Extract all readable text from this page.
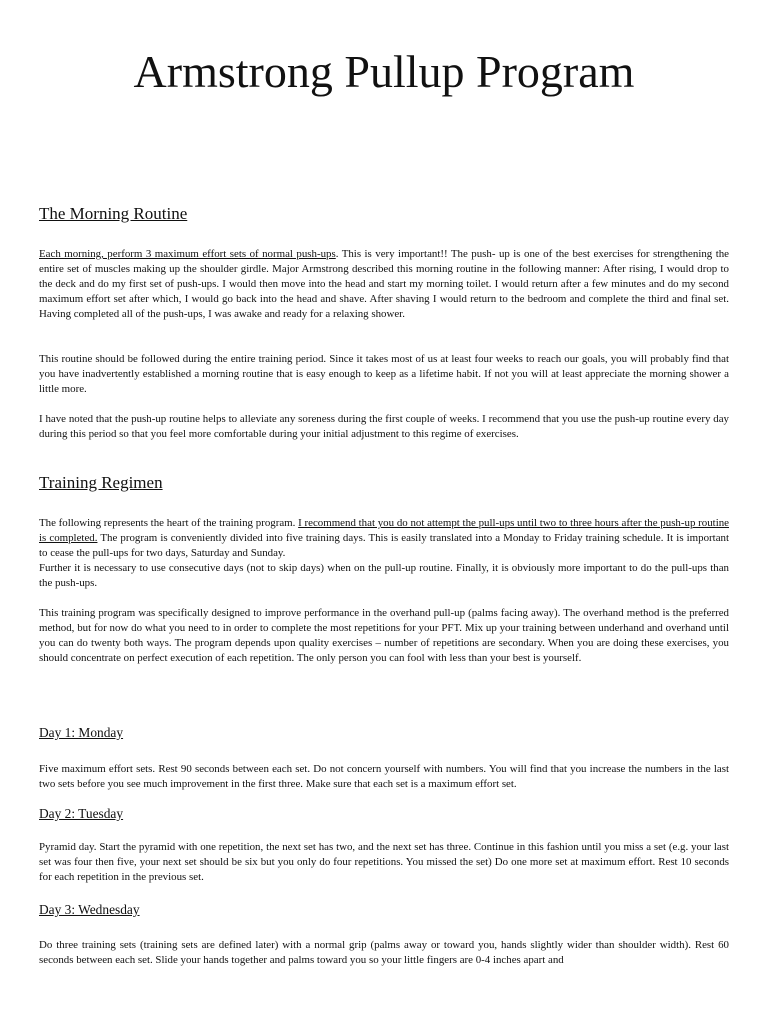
Armstrong Pullup Program
The Morning Routine

Each morning, perform 3 maximum effort sets of normal push-ups. This is very important!! The push- up is one of the best exercises for strengthening the entire set of muscles making up the shoulder girdle. Major Armstrong described this morning routine in the following manner: After rising, I would drop to the deck and do my first set of push-ups. I would then move into the head and start my morning toilet. I would return after a few minutes and do my second maximum effort set after which, I would go back into the head and shave. After shaving I would return to the bedroom and complete the third and final set. Having completed all of the push-ups, I was awake and ready for a relaxing shower.

This routine should be followed during the entire training period. Since it takes most of us at least four weeks to reach our goals, you will probably find that you have inadvertently established a morning routine that is easy enough to keep as a lifetime habit. If not you will at least appreciate the morning shower a little more.

I have noted that the push-up routine helps to alleviate any soreness during the first couple of weeks. I recommend that you use the push-up routine every day during this period so that you feel more comfortable during your initial adjustment to this regime of exercises.

Training Regimen

The following represents the heart of the training program. I recommend that you do not attempt the pull-ups until two to three hours after the push-up routine is completed. The program is conveniently divided into five training days. This is easily translated into a Monday to Friday training schedule. It is important to cease the pull-ups for two days, Saturday and Sunday.
Further it is necessary to use consecutive days (not to skip days) when on the pull-up routine. Finally, it is obviously more important to do the pull-ups than the push-ups.

This training program was specifically designed to improve performance in the overhand pull-up (palms facing away). The overhand method is the preferred method, but for now do what you need to in order to complete the most repetitions for your PFT. Mix up your training between underhand and overhand until you can do twenty both ways. The program depends upon quality exercises – number of repetitions are secondary. When you are doing these exercises, you should concentrate on perfect execution of each repetition. The only person you can fool with less than your best is yourself.

Day 1: Monday

Five maximum effort sets. Rest 90 seconds between each set. Do not concern yourself with numbers. You will find that you increase the numbers in the last two sets before you see much improvement in the first three. Make sure that each set is a maximum effort set.

Day 2: Tuesday

Pyramid day. Start the pyramid with one repetition, the next set has two, and the next set has three. Continue in this fashion until you miss a set (e.g. your last set was four then five, your next set should be six but you only do four repetitions. You missed the set) Do one more set at maximum effort. Rest 10 seconds for each repetition in the previous set.

Day 3: Wednesday

Do three training sets (training sets are defined later) with a normal grip (palms away or toward you, hands slightly wider than shoulder width). Rest 60 seconds between each set. Slide your hands together and palms toward you so your little fingers are 0-4 inches apart and
